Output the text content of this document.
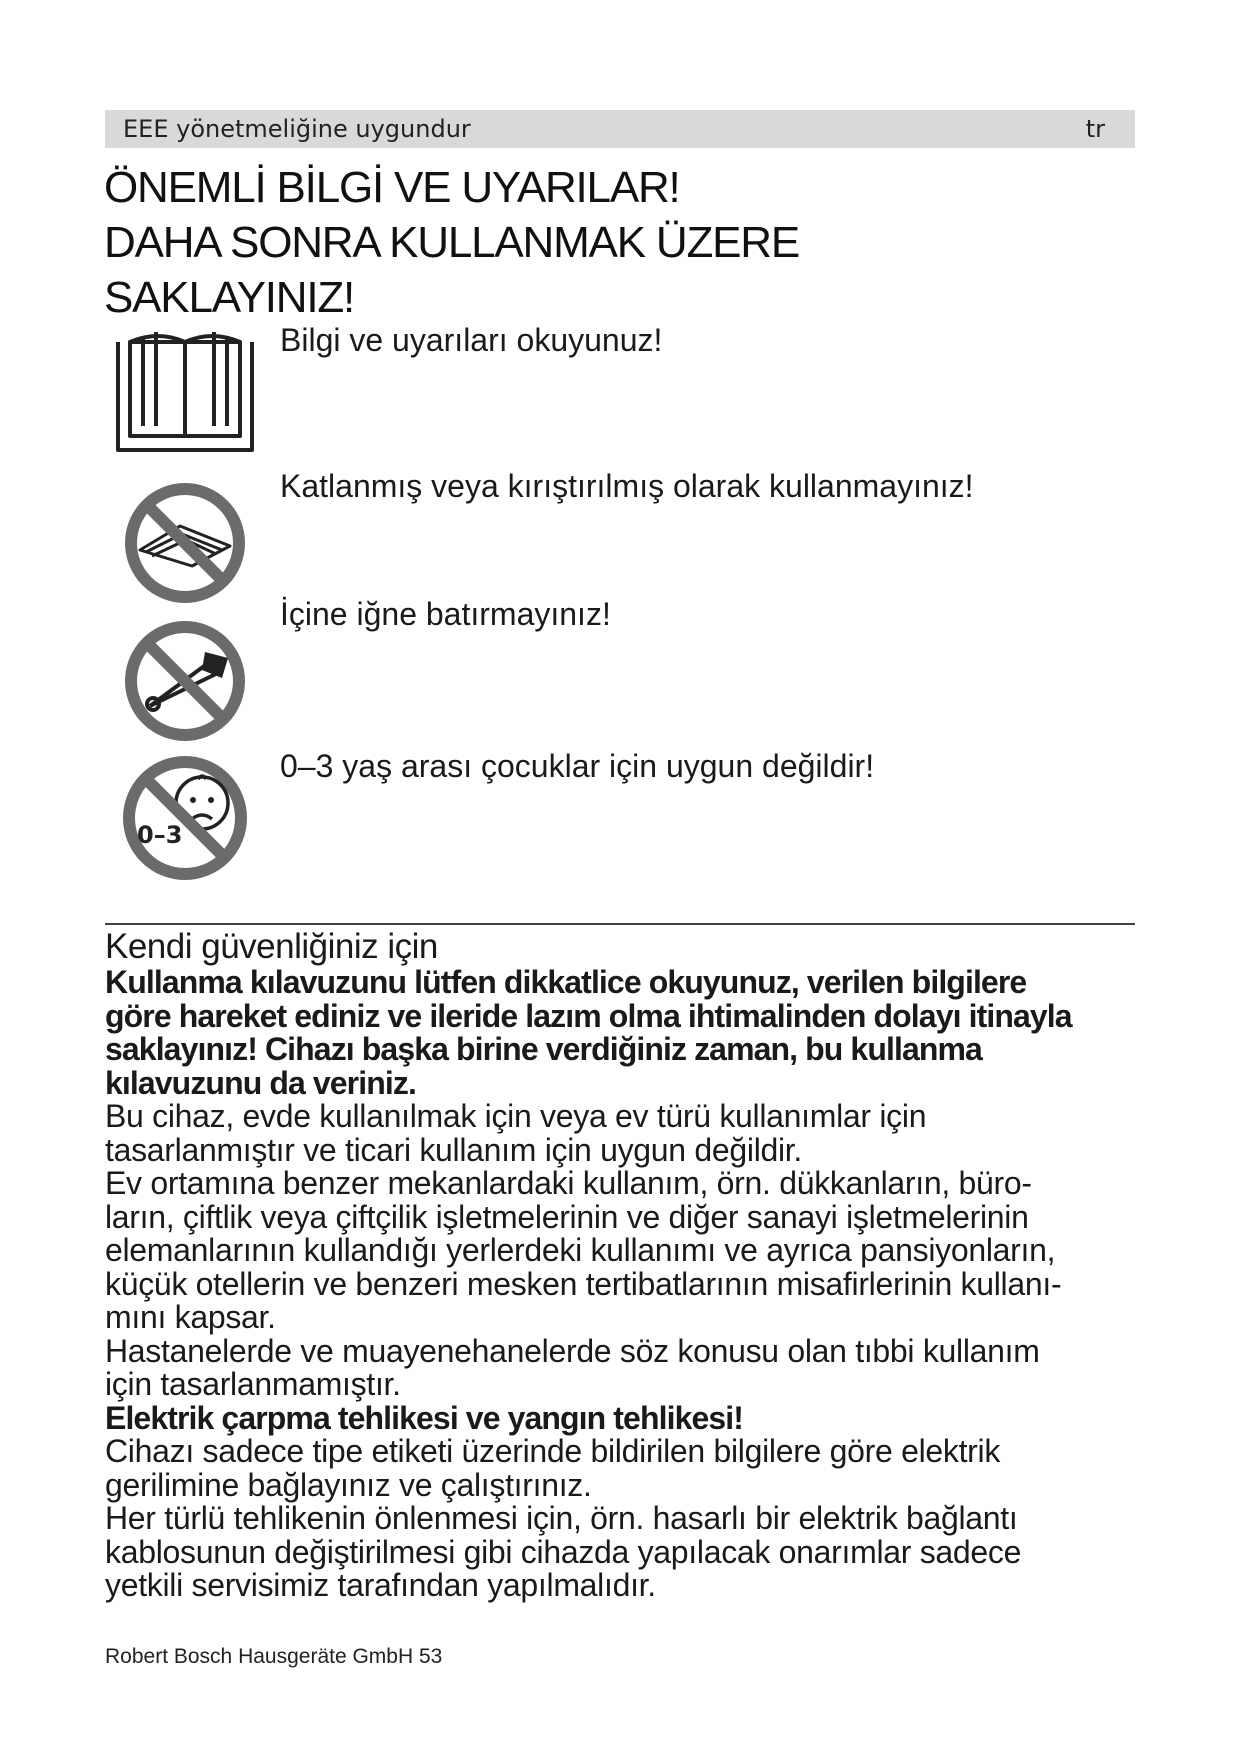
EEE yönetmeliğine uygundur	tr
ÖNEMLİ BİLGİ VE UYARILAR!
DAHA SONRA KULLANMAK ÜZERE
SAKLAYINIZ!
Bilgi ve uyarıları okuyunuz!
Katlanmış veya kırıştırılmış olarak kullanmayınız!
İçine iğne batırmayınız!
0–3
0–3 yaş arası çocuklar için uygun değildir!

Kendi güvenliğiniz için

Kullanma kılavuzunu lütfen dikkatlice okuyunuz, verilen bilgilere

göre hareket ediniz ve ileride lazım olma ihtimalinden dolayı itinayla

saklayınız! Cihazı başka birine verdiğiniz zaman, bu kullanma

kılavuzunu da veriniz.

Bu cihaz, evde kullanılmak için veya ev türü kullanımlar için

tasarlanmıştır ve ticari kullanım için uygun değildir.

Ev ortamına benzer mekanlardaki kullanım, örn. dükkanların, büro-

ların, çiftlik veya çiftçilik işletmelerinin ve diğer sanayi işletmelerinin

elemanlarının kullandığı yerlerdeki kullanımı ve ayrıca pansiyonların,

küçük otellerin ve benzeri mesken tertibatlarının misafirlerinin kullanı-

mını kapsar.

Hastanelerde ve muayenehanelerde söz konusu olan tıbbi kullanım

için tasarlanmamıştır.

Elektrik çarpma tehlikesi ve yangın tehlikesi!

Cihazı sadece tipe etiketi üzerinde bildirilen bilgilere göre elektrik

gerilimine bağlayınız ve çalıştırınız.

Her türlü tehlikenin önlenmesi için, örn. hasarlı bir elektrik bağlantı

kablosunun değiştirilmesi gibi cihazda yapılacak onarımlar sadece

yetkili servisimiz tarafından yapılmalıdır.

Robert Bosch Hausgeräte GmbH 53
